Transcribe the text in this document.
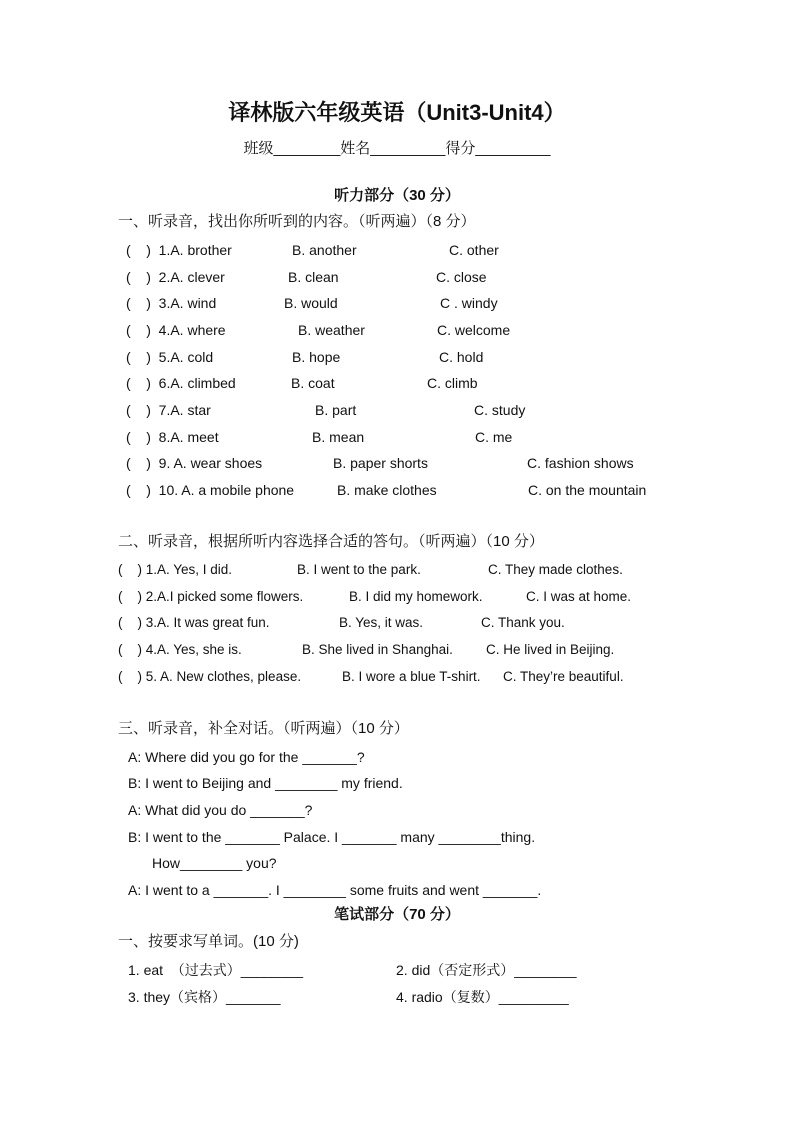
译林版六年级英语（Unit3-Unit4）
班级________姓名_________得分_________
听力部分（30 分）
一、听录音，找出你所听到的内容。（听两遍）（8 分）
(    )  1.A. brother	B. another	C. other
(    )  2.A. clever	B. clean	C. close
(    )  3.A. wind	B. would	C . windy
(    )  4.A. where	B. weather	C. welcome
(    )  5.A. cold	B. hope	C. hold
(    )  6.A. climbed	B. coat	C. climb
(    )  7.A. star	B. part	C. study
(    )  8.A. meet	B. mean	C. me
(    )  9. A. wear shoes	B. paper shorts	C. fashion shows
(    )  10. A. a mobile phone	B. make clothes	C. on the mountain
二、听录音，根据所听内容选择合适的答句。（听两遍）（10 分）
(    ) 1.A. Yes, I did.	B. I went to the park.	C. They made clothes.
(    ) 2.A.I picked some flowers.	B. I did my homework.	C. I was at home.
(    ) 3.A. It was great fun.	B. Yes, it was.	C. Thank you.
(    ) 4.A. Yes, she is.	B. She lived in Shanghai. C. He lived in Beijing.
(    ) 5. A. New clothes, please.	B. I wore a blue T-shirt. C. They’re beautiful.
三、听录音，补全对话。（听两遍）（10 分）
A: Where did you go for the _______?
B: I went to Beijing and ________ my friend.
A: What did you do _______?
B: I went to the _______ Palace. I _______ many ________thing.
How________ you?
A: I went to a _______. I ________ some fruits and went _______.
笔试部分（70 分）
一、按要求写单词。(10 分)
1. eat  （过去式）________	2. did（否定形式）________
3. they（宾格）_______	4. radio（复数）_________
